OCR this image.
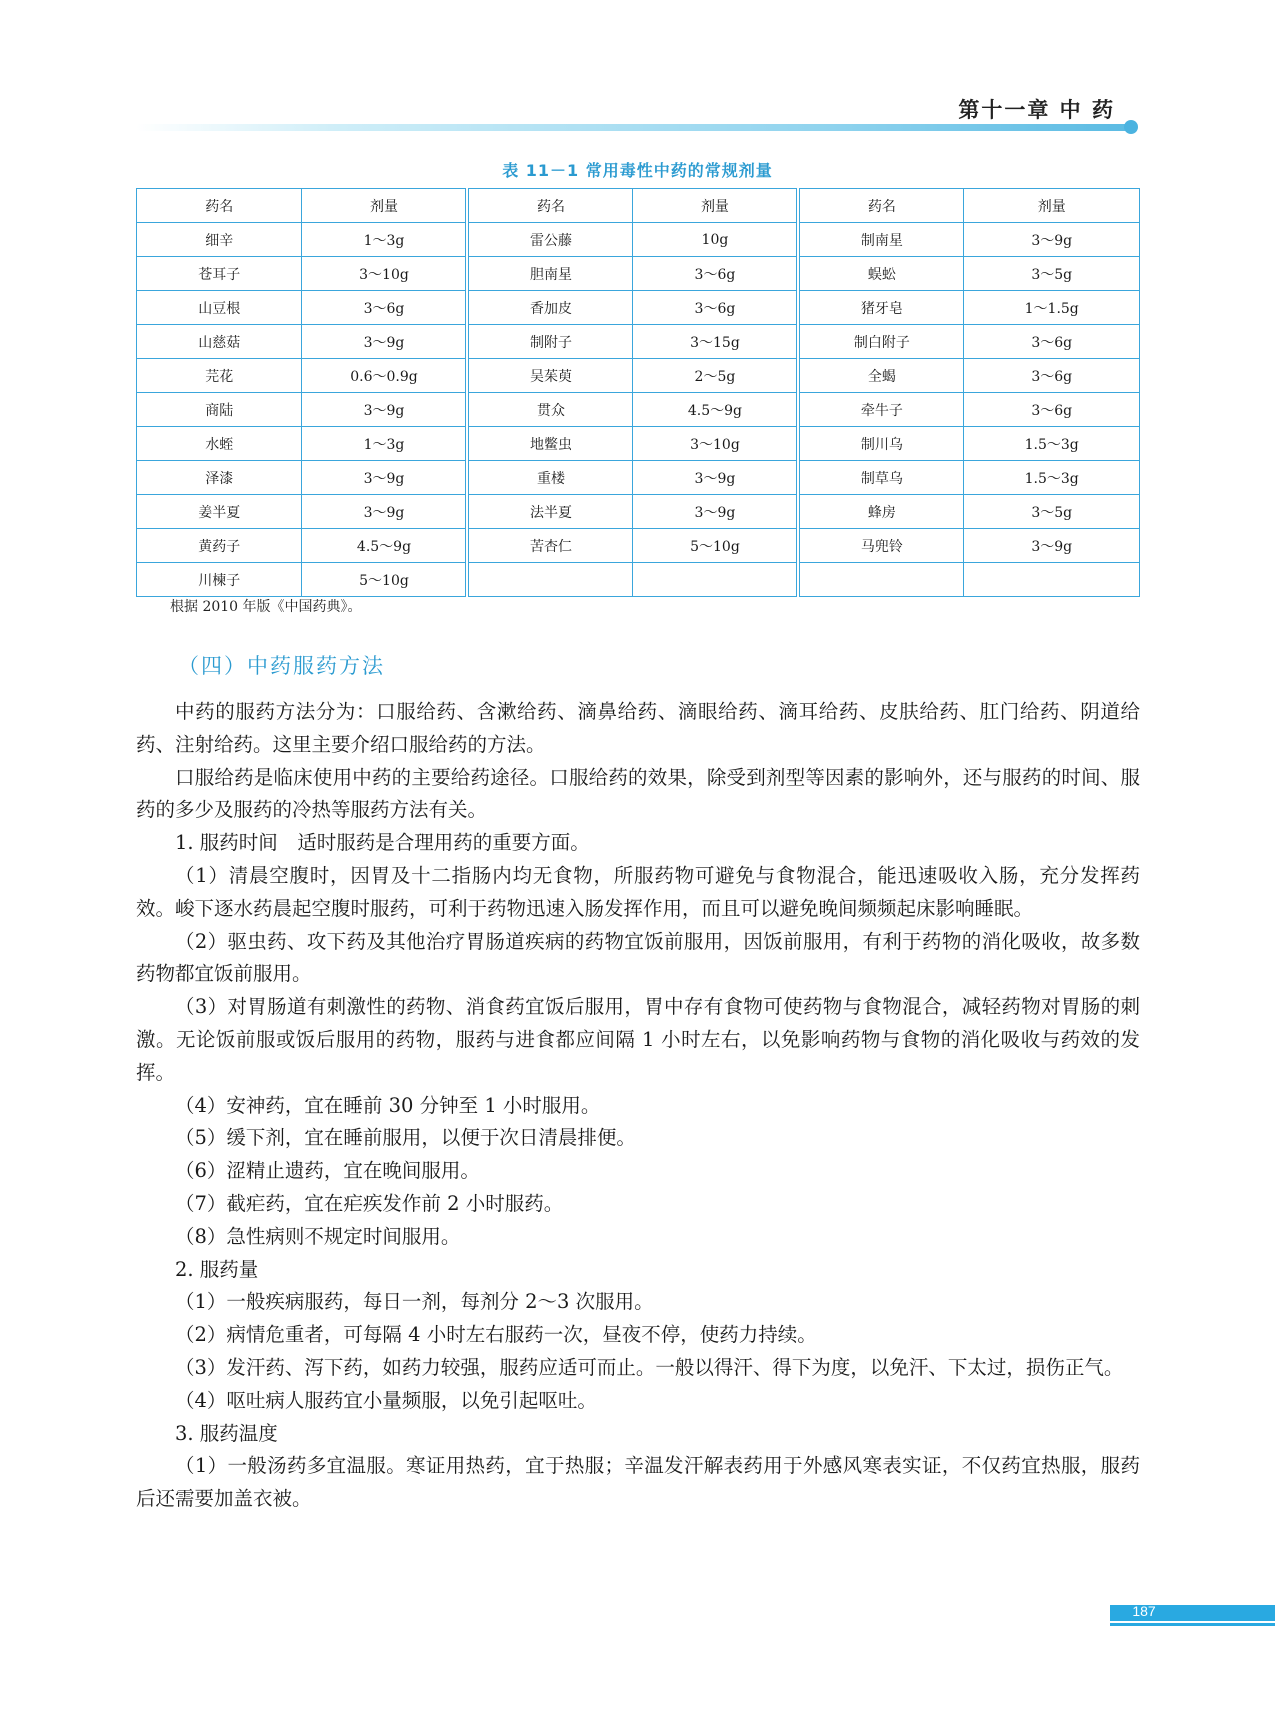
第十一章 中 药
表 11－1 常用毒性中药的常规剂量
药名	剂量	药名	剂量	药名	剂量
细辛	1～3g	雷公藤	10g	制南星	3～9g
苍耳子	3～10g	胆南星	3～6g	蜈蚣	3～5g
山豆根	3～6g	香加皮	3～6g	猪牙皂	1～1.5g
山慈菇	3～9g	制附子	3～15g	制白附子	3～6g
芫花	0.6～0.9g	吴茱萸	2～5g	全蝎	3～6g
商陆	3～9g	贯众	4.5～9g	牵牛子	3～6g
水蛭	1～3g	地鳖虫	3～10g	制川乌	1.5～3g
泽漆	3～9g	重楼	3～9g	制草乌	1.5～3g
姜半夏	3～9g	法半夏	3～9g	蜂房	3～5g
黄药子	4.5～9g	苦杏仁	5～10g	马兜铃	3～9g
川楝子	5～10g				
根据 2010 年版《中国药典》。
（四）中药服药方法

中药的服药方法分为：口服给药、含漱给药、滴鼻给药、滴眼给药、滴耳给药、皮肤给药、肛门给药、阴道给药、注射给药。这里主要介绍口服给药的方法。

口服给药是临床使用中药的主要给药途径。口服给药的效果，除受到剂型等因素的影响外，还与服药的时间、服药的多少及服药的冷热等服药方法有关。

1. 服药时间　适时服药是合理用药的重要方面。

（1）清晨空腹时，因胃及十二指肠内均无食物，所服药物可避免与食物混合，能迅速吸收入肠，充分发挥药效。峻下逐水药晨起空腹时服药，可利于药物迅速入肠发挥作用，而且可以避免晚间频频起床影响睡眠。

（2）驱虫药、攻下药及其他治疗胃肠道疾病的药物宜饭前服用，因饭前服用，有利于药物的消化吸收，故多数药物都宜饭前服用。

（3）对胃肠道有刺激性的药物、消食药宜饭后服用，胃中存有食物可使药物与食物混合，减轻药物对胃肠的刺激。无论饭前服或饭后服用的药物，服药与进食都应间隔 1 小时左右，以免影响药物与食物的消化吸收与药效的发挥。

（4）安神药，宜在睡前 30 分钟至 1 小时服用。

（5）缓下剂，宜在睡前服用，以便于次日清晨排便。

（6）涩精止遗药，宜在晚间服用。

（7）截疟药，宜在疟疾发作前 2 小时服药。

（8）急性病则不规定时间服用。

2. 服药量

（1）一般疾病服药，每日一剂，每剂分 2～3 次服用。

（2）病情危重者，可每隔 4 小时左右服药一次，昼夜不停，使药力持续。

（3）发汗药、泻下药，如药力较强，服药应适可而止。一般以得汗、得下为度，以免汗、下太过，损伤正气。

（4）呕吐病人服药宜小量频服，以免引起呕吐。

3. 服药温度

（1）一般汤药多宜温服。寒证用热药，宜于热服；辛温发汗解表药用于外感风寒表实证，不仅药宜热服，服药后还需要加盖衣被。

187
